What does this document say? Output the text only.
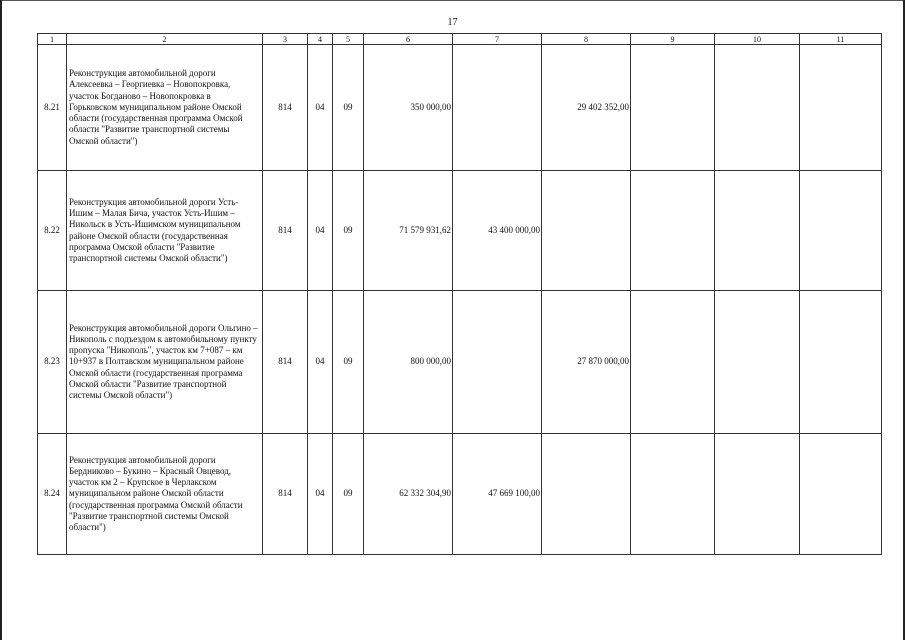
17
1	2	3	4	5	6	7	8	9	10	11
8.21	Реконструкция автомобильной дороги Алексеевка – Георгиевка – Новопокровка, участок Богданово – Новопокровка в Горьковском муниципальном районе Омской области (государственная программа Омской области "Развитие транспортной системы Омской области")	814	04	09	350 000,00		29 402 352,00			
8.22	Реконструкция автомобильной дороги Усть-Ишим – Малая Бича, участок Усть-Ишим – Никольск в Усть-Ишимском муниципальном районе Омской области (государственная программа Омской области "Развитие транспортной системы Омской области")	814	04	09	71 579 931,62	43 400 000,00				
8.23	Реконструкция автомобильной дороги Ольгино – Никополь с подъездом к автомобильному пункту пропуска "Никополь", участок км 7+087 – км 10+937 в Полтавском муниципальном районе Омской области (государственная программа Омской области "Развитие транспортной системы Омской области")	814	04	09	800 000,00		27 870 000,00			
8.24	Реконструкция автомобильной дороги Бердниково – Букино – Красный Овцевод, участок км 2 – Крупское в Черлакском муниципальном районе Омской области (государственная программа Омской области "Развитие транспортной системы Омской области")	814	04	09	62 332 304,90	47 669 100,00				
